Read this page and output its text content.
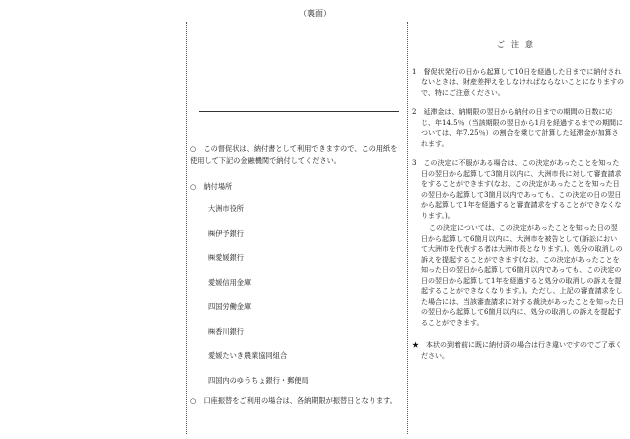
（裏面）

○　この督促状は、納付書として利用できますので、この用紙を使用して下記の金融機関で納付してください。

○　納付場所

大洲市役所
㈱伊予銀行
㈱愛媛銀行
愛媛信用金庫
四国労働金庫
㈱香川銀行
愛媛たいき農業協同組合
四国内のゆうちょ銀行・郵便局

○　口座振替をご利用の場合は、各納期限が振替日となります。

ご注意

1　督促状発行の日から起算して10日を経過した日までに納付されないときは、財産差押えをしなければならないことになりますので、特にご注意ください。

2　延滞金は、納期限の翌日から納付の日までの期間の日数に応じ、年14.5％（当該期限の翌日から1月を経過するまでの期間については、年7.25％）の割合を乗じて計算した延滞金が加算されます。

3　この決定に不服がある場合は、この決定があったことを知った日の翌日から起算して3箇月以内に、大洲市長に対して審査請求をすることができます(なお、この決定があったことを知った日の翌日から起算して3箇月以内であっても、この決定の日の翌日から起算して1年を経過すると審査請求をすることができなくなります。)。

この決定については、この決定があったことを知った日の翌日から起算して6箇月以内に、大洲市を被告として(訴訟において大洲市を代表する者は大洲市長となります。)、処分の取消しの訴えを提起することができます(なお、この決定があったことを知った日の翌日から起算して6箇月以内であっても、この決定の日の翌日から起算して1年を経過すると処分の取消しの訴えを提起することができなくなります。)。ただし、上記の審査請求をした場合には、当該審査請求に対する裁決があったことを知った日の翌日から起算して6箇月以内に、処分の取消しの訴えを提起することができます。

★　本状の到着前に既に納付済の場合は行き違いですのでご了承ください。
